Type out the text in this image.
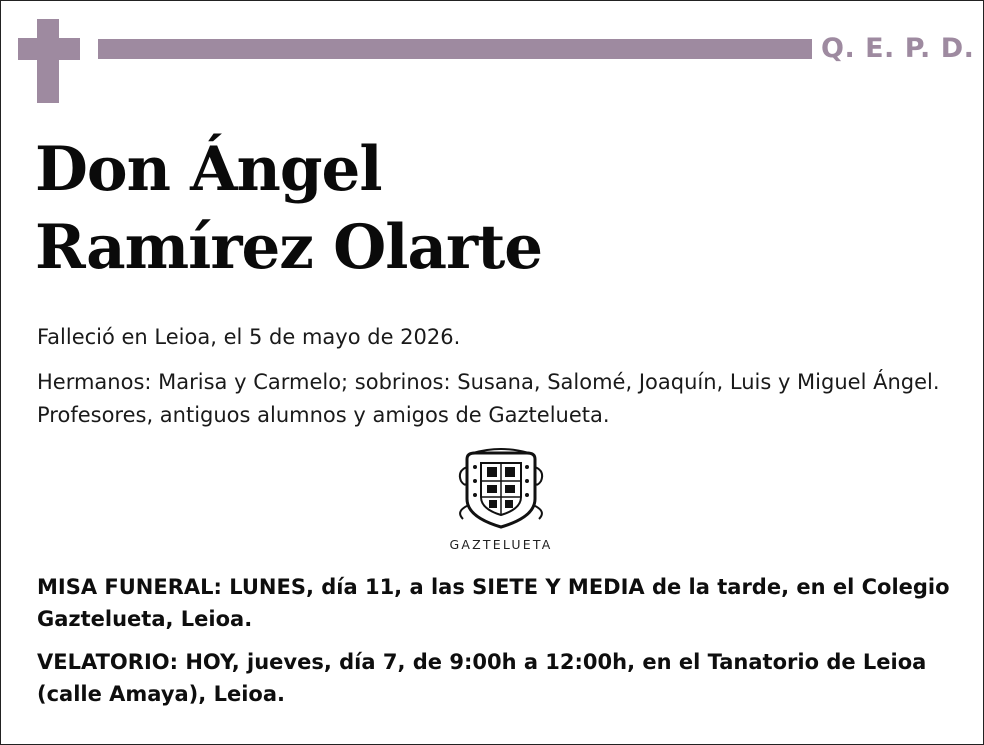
Q. E. P. D.
Don Ángel
Ramírez Olarte
Falleció en Leioa, el 5 de mayo de 2026.
Hermanos: Marisa y Carmelo; sobrinos: Susana, Salomé, Joaquín, Luis y Miguel Ángel. Profesores, antiguos alumnos y amigos de Gaztelueta.
GAZTELUETA
MISA FUNERAL: LUNES, día 11, a las SIETE Y MEDIA de la tarde, en el Colegio Gaztelueta, Leioa.
VELATORIO: HOY, jueves, día 7, de 9:00h a 12:00h, en el Tanatorio de Leioa (calle Amaya), Leioa.
